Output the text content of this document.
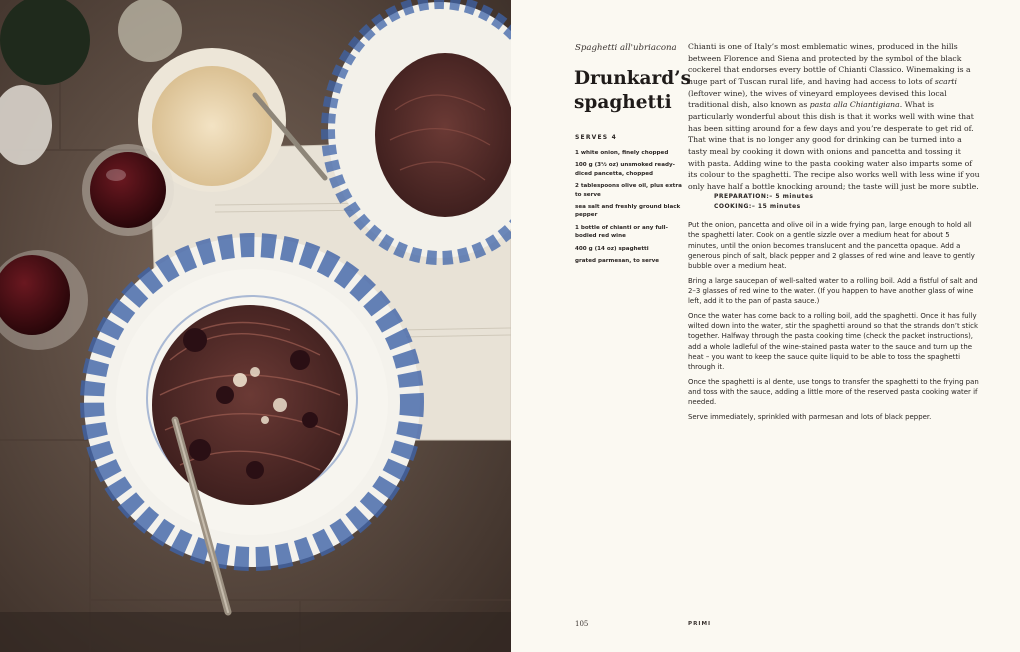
Spaghetti all'ubriacona
Drunkard’s spaghetti
SERVES 4
1 white onion, finely chopped
100 g (3½ oz) unsmoked ready-diced pancetta, chopped
2 tablespoons olive oil, plus extra to serve
sea salt and freshly ground black pepper
1 bottle of chianti or any full-bodied red wine
400 g (14 oz) spaghetti
grated parmesan, to serve

Chianti is one of Italy’s most emblematic wines, produced in the hills between Florence and Siena and protected by the symbol of the black cockerel that endorses every bottle of Chianti Classico. Winemaking is a huge part of Tuscan rural life, and having had access to lots of scarti (leftover wine), the wives of vineyard employees devised this local traditional dish, also known as pasta alla Chiantigiana. What is particularly wonderful about this dish is that it works well with wine that has been sitting around for a few days and you’re desperate to get rid of. That wine that is no longer any good for drinking can be turned into a tasty meal by cooking it down with onions and pancetta and tossing it with pasta. Adding wine to the pasta cooking water also imparts some of its colour to the spaghetti. The recipe also works well with less wine if you only have half a bottle knocking around; the taste will just be more subtle.

PREPARATION:– 5 minutes
COOKING:– 15 minutes

Put the onion, pancetta and olive oil in a wide frying pan, large enough to hold all the spaghetti later. Cook on a gentle sizzle over a medium heat for about 5 minutes, until the onion becomes translucent and the pancetta opaque. Add a generous pinch of salt, black pepper and 2 glasses of red wine and leave to gently bubble over a medium heat.

Bring a large saucepan of well-salted water to a rolling boil. Add a fistful of salt and 2–3 glasses of red wine to the water. (If you happen to have another glass of wine left, add it to the pan of pasta sauce.)

Once the water has come back to a rolling boil, add the spaghetti. Once it has fully wilted down into the water, stir the spaghetti around so that the strands don’t stick together. Halfway through the pasta cooking time (check the packet instructions), add a whole ladleful of the wine-stained pasta water to the sauce and turn up the heat – you want to keep the sauce quite liquid to be able to toss the spaghetti through it.

Once the spaghetti is al dente, use tongs to transfer the spaghetti to the frying pan and toss with the sauce, adding a little more of the reserved pasta cooking water if needed.

Serve immediately, sprinkled with parmesan and lots of black pepper.

105	PRIMI
